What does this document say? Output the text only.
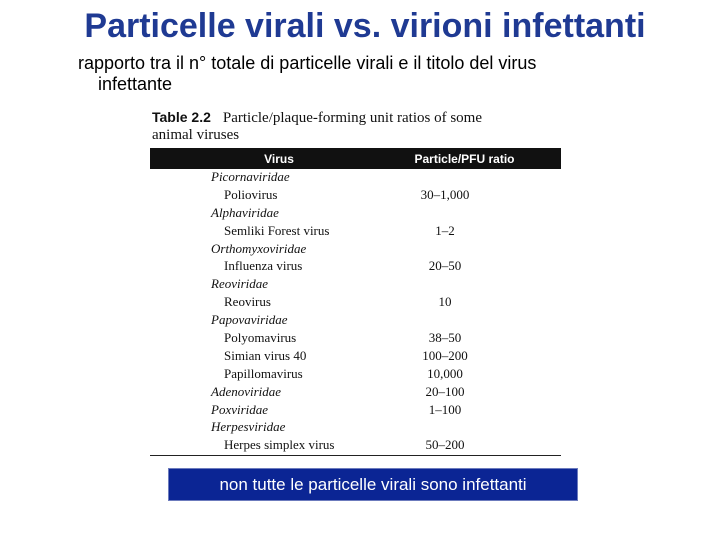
Particelle virali vs. virioni infettanti
rapporto tra il n° totale di particelle virali e il titolo del virus
infettante
Table 2.2 Particle/plaque-forming unit ratios of some
animal viruses
Virus	Particle/PFU ratio
Picornaviridae
Poliovirus	30–1,000
Alphaviridae
Semliki Forest virus	1–2
Orthomyxoviridae
Influenza virus	20–50
Reoviridae
Reovirus	10
Papovaviridae
Polyomavirus	38–50
Simian virus 40	100–200
Papillomavirus	10,000
Adenoviridae	20–100
Poxviridae	1–100
Herpesviridae
Herpes simplex virus	50–200
non tutte le particelle virali sono infettanti
